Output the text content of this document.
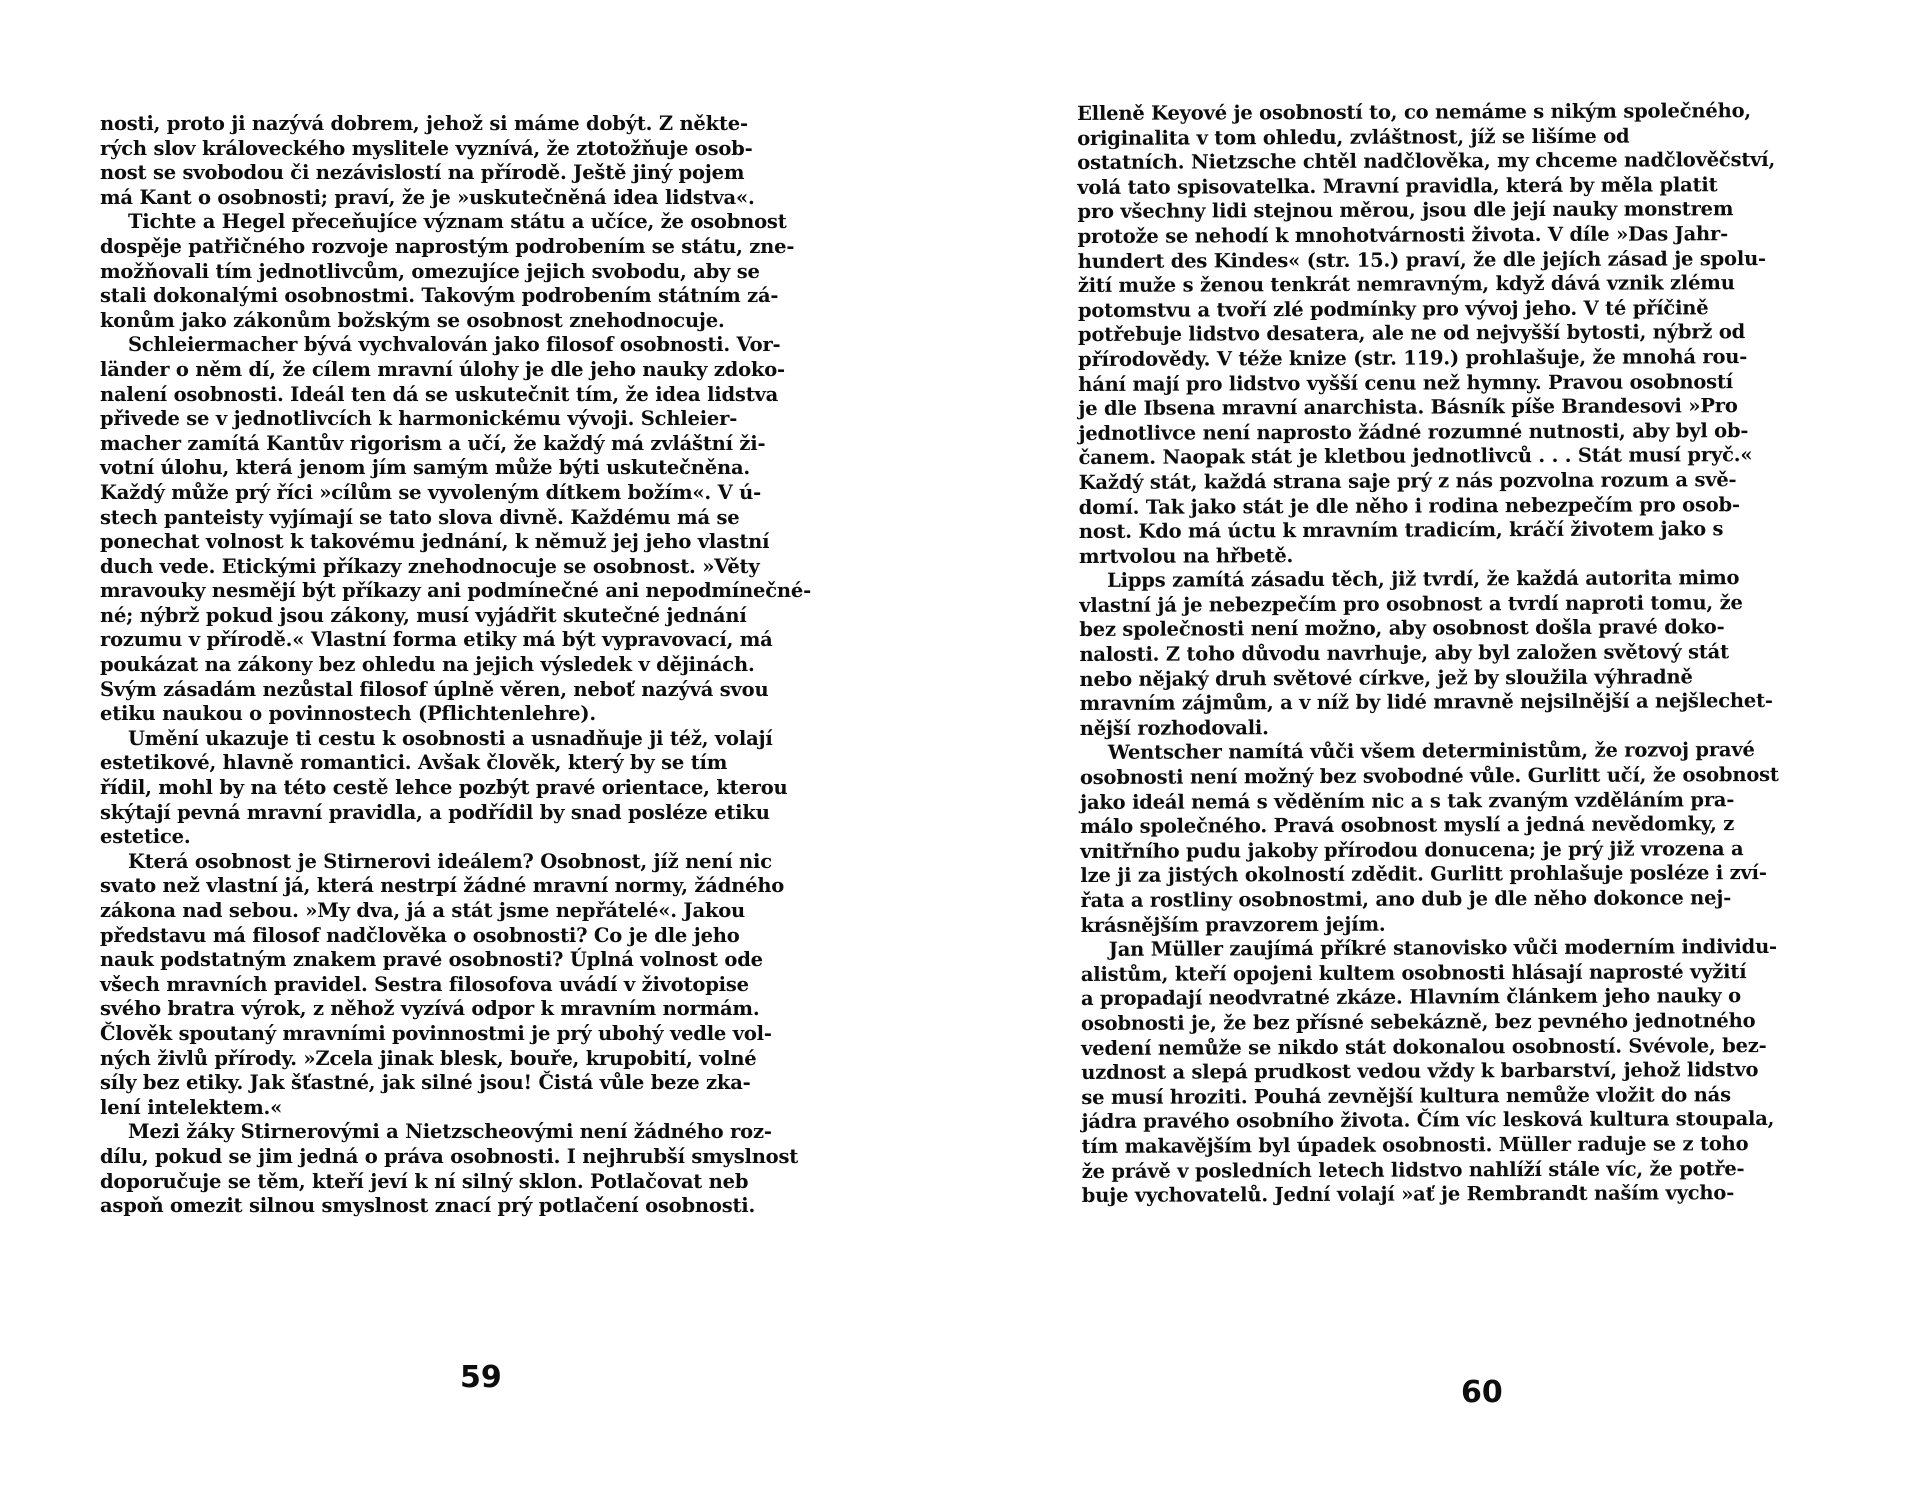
nosti, proto ji nazývá dobrem, jehož si máme dobýt. Z někte-
rých slov královeckého myslitele vyznívá, že ztotožňuje osob-
nost se svobodou či nezávislostí na přírodě. Ještě jiný pojem
má Kant o osobnosti; praví, že je »uskutečněná idea lidstva«.
Tichte a Hegel přeceňujíce význam státu a učíce, že osobnost
dospěje patřičného rozvoje naprostým podrobením se státu, zne-
možňovali tím jednotlivcům, omezujíce jejich svobodu, aby se
stali dokonalými osobnostmi. Takovým podrobením státním zá-
konům jako zákonům božským se osobnost znehodnocuje.
Schleiermacher bývá vychvalován jako filosof osobnosti. Vor-
länder o něm dí, že cílem mravní úlohy je dle jeho nauky zdoko-
nalení osobnosti. Ideál ten dá se uskutečnit tím, že idea lidstva
přivede se v jednotlivcích k harmonickému vývoji. Schleier-
macher zamítá Kantův rigorism a učí, že každý má zvláštní ži-
votní úlohu, která jenom jím samým může býti uskutečněna.
Každý může prý říci »cílům se vyvoleným dítkem božím«. V ú-
stech panteisty vyjímají se tato slova divně. Každému má se
ponechat volnost k takovému jednání, k němuž jej jeho vlastní
duch vede. Etickými příkazy znehodnocuje se osobnost. »Věty
mravouky nesmějí být příkazy ani podmínečné ani nepodmínečné-
né; nýbrž pokud jsou zákony, musí vyjádřit skutečné jednání
rozumu v přírodě.« Vlastní forma etiky má být vypravovací, má
poukázat na zákony bez ohledu na jejich výsledek v dějinách.
Svým zásadám nezůstal filosof úplně věren, neboť nazývá svou
etiku naukou o povinnostech (Pflichtenlehre).
Umění ukazuje ti cestu k osobnosti a usnadňuje ji též, volají
estetikové, hlavně romantici. Avšak člověk, který by se tím
řídil, mohl by na této cestě lehce pozbýt pravé orientace, kterou
skýtají pevná mravní pravidla, a podřídil by snad posléze etiku
estetice.
Která osobnost je Stirnerovi ideálem? Osobnost, jíž není nic
svato než vlastní já, která nestrpí žádné mravní normy, žádného
zákona nad sebou. »My dva, já a stát jsme nepřátelé«. Jakou
představu má filosof nadčlověka o osobnosti? Co je dle jeho
nauk podstatným znakem pravé osobnosti? Úplná volnost ode
všech mravních pravidel. Sestra filosofova uvádí v životopise
svého bratra výrok, z něhož vyzívá odpor k mravním normám.
Člověk spoutaný mravními povinnostmi je prý ubohý vedle vol-
ných živlů přírody. »Zcela jinak blesk, bouře, krupobití, volné
síly bez etiky. Jak šťastné, jak silné jsou! Čistá vůle beze zka-
lení intelektem.«
Mezi žáky Stirnerovými a Nietzscheovými není žádného roz-
dílu, pokud se jim jedná o práva osobnosti. I nejhrubší smyslnost
doporučuje se těm, kteří jeví k ní silný sklon. Potlačovat neb
aspoň omezit silnou smyslnost znací prý potlačení osobnosti.
59
Elleně Keyové je osobností to, co nemáme s nikým společného,
originalita v tom ohledu, zvláštnost, jíž se lišíme od
ostatních. Nietzsche chtěl nadčlověka, my chceme nadčlověčství,
volá tato spisovatelka. Mravní pravidla, která by měla platit
pro všechny lidi stejnou měrou, jsou dle její nauky monstrem
protože se nehodí k mnohotvárnosti života. V díle »Das Jahr-
hundert des Kindes« (str. 15.) praví, že dle jejích zásad je spolu-
žití muže s ženou tenkrát nemravným, když dává vznik zlému
potomstvu a tvoří zlé podmínky pro vývoj jeho. V té příčině
potřebuje lidstvo desatera, ale ne od nejvyšší bytosti, nýbrž od
přírodovědy. V téže knize (str. 119.) prohlašuje, že mnohá rou-
hání mají pro lidstvo vyšší cenu než hymny. Pravou osobností
je dle Ibsena mravní anarchista. Básník píše Brandesovi »Pro
jednotlivce není naprosto žádné rozumné nutnosti, aby byl ob-
čanem. Naopak stát je kletbou jednotlivců . . . Stát musí pryč.«
Každý stát, každá strana saje prý z nás pozvolna rozum a svě-
domí. Tak jako stát je dle něho i rodina nebezpečím pro osob-
nost. Kdo má úctu k mravním tradicím, kráčí životem jako s
mrtvolou na hřbetě.
Lipps zamítá zásadu těch, již tvrdí, že každá autorita mimo
vlastní já je nebezpečím pro osobnost a tvrdí naproti tomu, že
bez společnosti není možno, aby osobnost došla pravé doko-
nalosti. Z toho důvodu navrhuje, aby byl založen světový stát
nebo nějaký druh světové církve, jež by sloužila výhradně
mravním zájmům, a v níž by lidé mravně nejsilnější a nejšlechet-
nější rozhodovali.
Wentscher namítá vůči všem deterministům, že rozvoj pravé
osobnosti není možný bez svobodné vůle. Gurlitt učí, že osobnost
jako ideál nemá s věděním nic a s tak zvaným vzděláním pra-
málo společného. Pravá osobnost myslí a jedná nevědomky, z
vnitřního pudu jakoby přírodou donucena; je prý již vrozena a
lze ji za jistých okolností zdědit. Gurlitt prohlašuje posléze i zví-
řata a rostliny osobnostmi, ano dub je dle něho dokonce nej-
krásnějším pravzorem jejím.
Jan Müller zaujímá příkré stanovisko vůči moderním individu-
alistům, kteří opojeni kultem osobnosti hlásají naprosté vyžití
a propadají neodvratné zkáze. Hlavním článkem jeho nauky o
osobnosti je, že bez přísné sebekázně, bez pevného jednotného
vedení nemůže se nikdo stát dokonalou osobností. Svévole, bez-
uzdnost a slepá prudkost vedou vždy k barbarství, jehož lidstvo
se musí hroziti. Pouhá zevnější kultura nemůže vložit do nás
jádra pravého osobního života. Čím víc lesková kultura stoupala,
tím makavějším byl úpadek osobnosti. Müller raduje se z toho
že právě v posledních letech lidstvo nahlíží stále víc, že potře-
buje vychovatelů. Jední volají »ať je Rembrandt naším vycho-
60
